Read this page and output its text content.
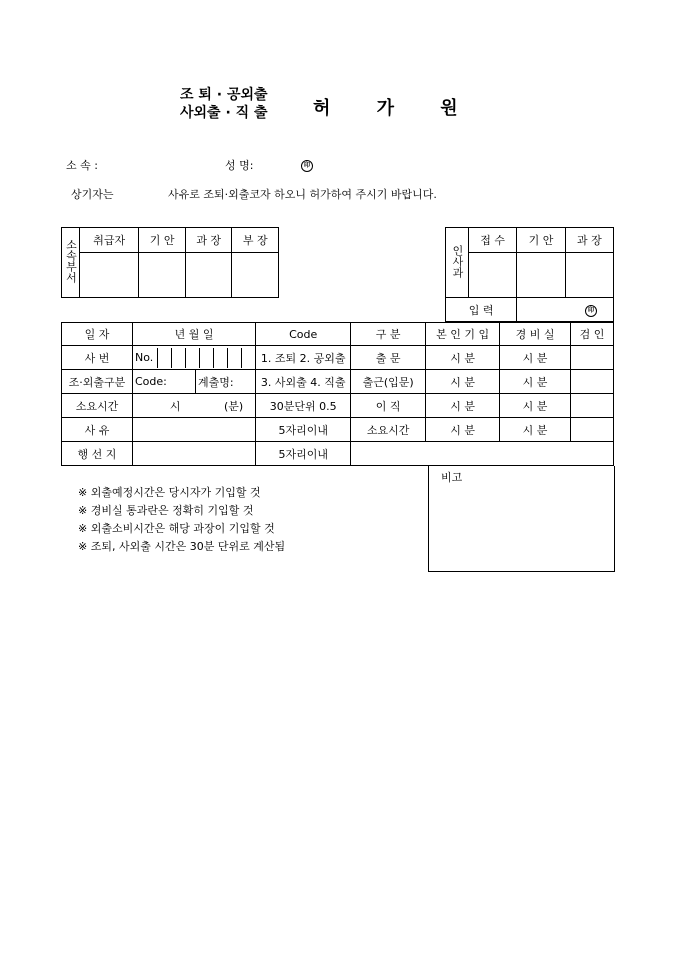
조 퇴 · 공외출
사외출 · 직 출	허 가 원
소 속 :	성 명:	印
상기자는	사유로 조퇴·외출코자 하오니 허가하여 주시기 바랍니다.
소속부서	취급자	기 안	과 장	부 장

인사과	접 수	기 안	과 장

입 력		印	
일 자	년 월 일		Code	구 분	본 인 기 입	경 비 실	검 인
사 번	No.		1. 조퇴 2. 공외출	출 문	시 분	시 분	
조·외출구분	Code:	계출명:	3. 사외출 4. 직출	출근(입문)	시 분	시 분	
소요시간	시 (분)		30분단위 0.5	이 직	시 분	시 분	
사 유			5자리이내	소요시간	시 분	시 분	
행 선 지			5자리이내				
비고
※ 외출예정시간은 당시자가 기입할 것
※ 경비실 통과란은 정확히 기입할 것
※ 외출소비시간은 해당 과장이 기입할 것
※ 조퇴, 사외출 시간은 30분 단위로 계산됨
